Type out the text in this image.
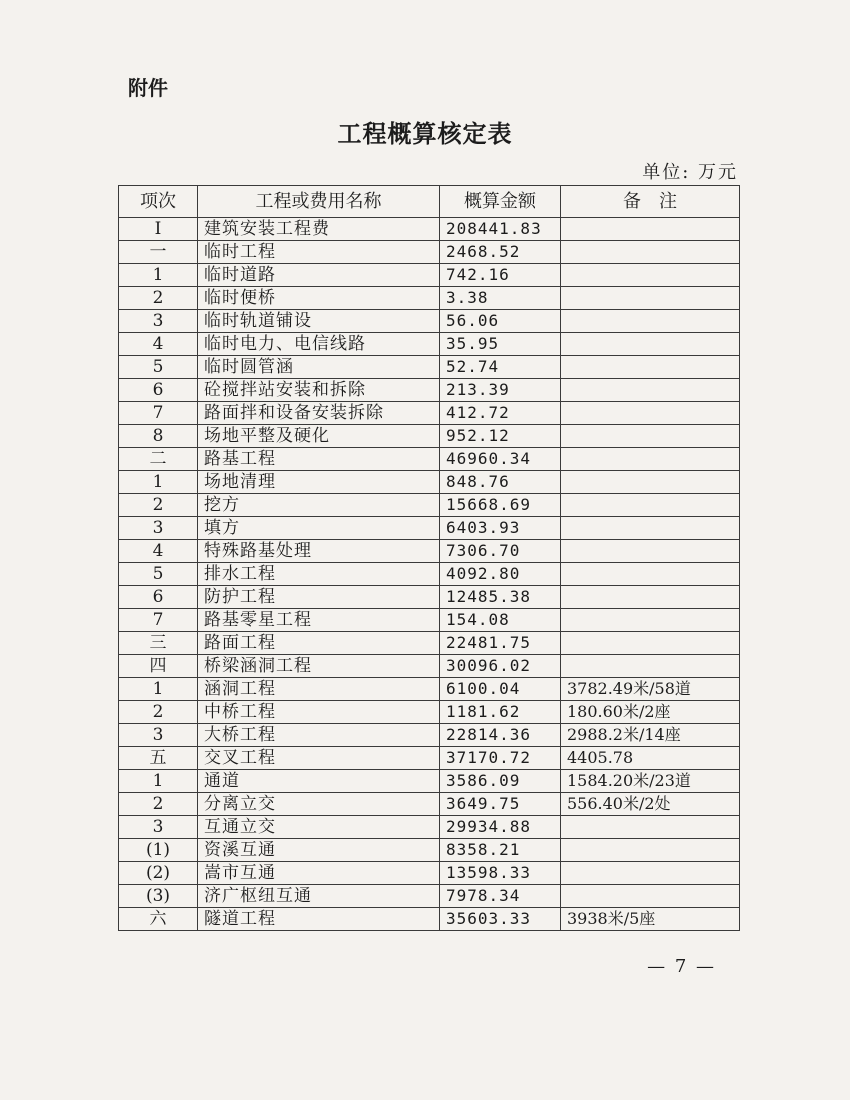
附件
工程概算核定表
单位: 万元
项次	工程或费用名称	概算金额	备　注
I	建筑安装工程费	208441.83	
一	临时工程	2468.52	
1	临时道路	742.16	
2	临时便桥	3.38	
3	临时轨道铺设	56.06	
4	临时电力、电信线路	35.95	
5	临时圆管涵	52.74	
6	砼搅拌站安装和拆除	213.39	
7	路面拌和设备安装拆除	412.72	
8	场地平整及硬化	952.12	
二	路基工程	46960.34	
1	场地清理	848.76	
2	挖方	15668.69	
3	填方	6403.93	
4	特殊路基处理	7306.70	
5	排水工程	4092.80	
6	防护工程	12485.38	
7	路基零星工程	154.08	
三	路面工程	22481.75	
四	桥梁涵洞工程	30096.02	
1	涵洞工程	6100.04	3782.49米/58道
2	中桥工程	1181.62	180.60米/2座
3	大桥工程	22814.36	2988.2米/14座
五	交叉工程	37170.72	4405.78
1	通道	3586.09	1584.20米/23道
2	分离立交	3649.75	556.40米/2处
3	互通立交	29934.88	
(1)	资溪互通	8358.21	
(2)	嵩市互通	13598.33	
(3)	济广枢纽互通	7978.34	
六	隧道工程	35603.33	3938米/5座
— 7 —
